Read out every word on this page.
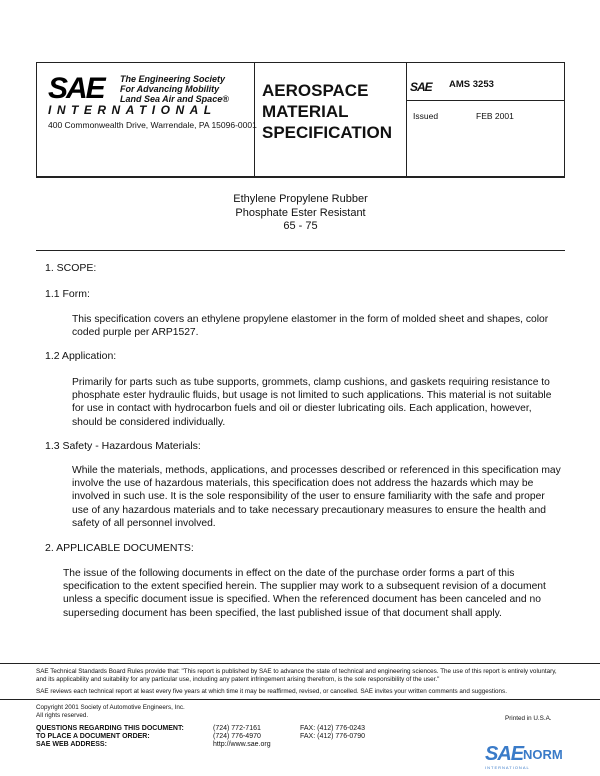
SAE The Engineering Society
For Advancing Mobility
Land Sea Air and Space®
INTERNATIONAL
400 Commonwealth Drive, Warrendale, PA 15096-0001
AEROSPACE
MATERIAL
SPECIFICATION
SAE AMS 3253
Issued	FEB 2001
Ethylene Propylene Rubber
Phosphate Ester Resistant
65 - 75
1. SCOPE:
1.1 Form:
This specification covers an ethylene propylene elastomer in the form of molded sheet and shapes, color coded purple per ARP1527.
1.2 Application:
Primarily for parts such as tube supports, grommets, clamp cushions, and gaskets requiring resistance to phosphate ester hydraulic fluids, but usage is not limited to such applications. This material is not suitable for use in contact with hydrocarbon fuels and oil or diester lubricating oils. Each application, however, should be considered individually.
1.3 Safety - Hazardous Materials:
While the materials, methods, applications, and processes described or referenced in this specification may involve the use of hazardous materials, this specification does not address the hazards which may be involved in such use. It is the sole responsibility of the user to ensure familiarity with the safe and proper use of any hazardous materials and to take necessary precautionary measures to ensure the health and safety of all personnel involved.
2. APPLICABLE DOCUMENTS:
The issue of the following documents in effect on the date of the purchase order forms a part of this specification to the extent specified herein. The supplier may work to a subsequent revision of a document unless a specific document issue is specified. When the referenced document has been canceled and no superseding document has been specified, the last published issue of that document shall apply.
SAE Technical Standards Board Rules provide that: "This report is published by SAE to advance the state of technical and engineering sciences. The use of this report is entirely voluntary, and its applicability and suitability for any particular use, including any patent infringement arising therefrom, is the sole responsibility of the user."
SAE reviews each technical report at least every five years at which time it may be reaffirmed, revised, or cancelled. SAE invites your written comments and suggestions.
Copyright 2001 Society of Automotive Engineers, Inc.
All rights reserved.	Printed in U.S.A.
QUESTIONS REGARDING THIS DOCUMENT:	(724) 772-7161	FAX: (412) 776-0243
TO PLACE A DOCUMENT ORDER:	(724) 776-4970	FAX: (412) 776-0790
SAE WEB ADDRESS:	http://www.sae.org	SAE NORM
INTERNATIONAL
